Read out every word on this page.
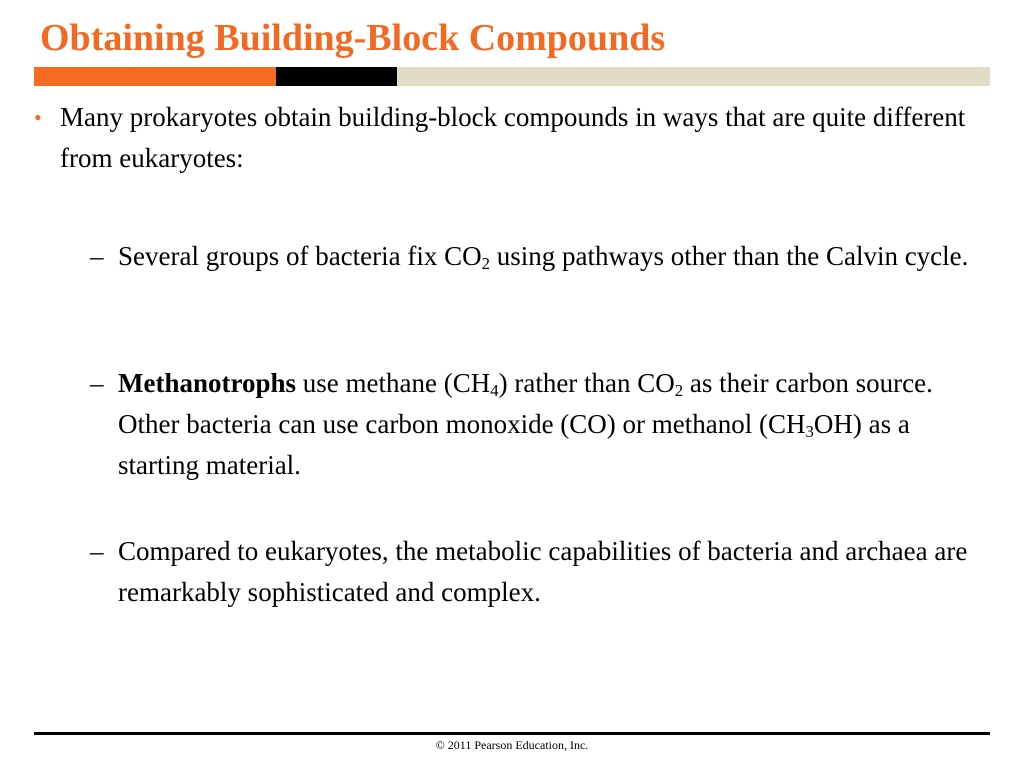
Obtaining Building-Block Compounds
• Many prokaryotes obtain building-block compounds in ways that are quite different from eukaryotes:
– Several groups of bacteria fix $CO_2$ using pathways other than the Calvin cycle.
– Methanotrophs use methane $(CH_4)$ rather than $CO_2$ as their carbon source. Other bacteria can use carbon monoxide (CO) or methanol $(CH_3OH)$ as a starting material.
– Compared to eukaryotes, the metabolic capabilities of bacteria and archaea are remarkably sophisticated and complex.
© 2011 Pearson Education, Inc.
